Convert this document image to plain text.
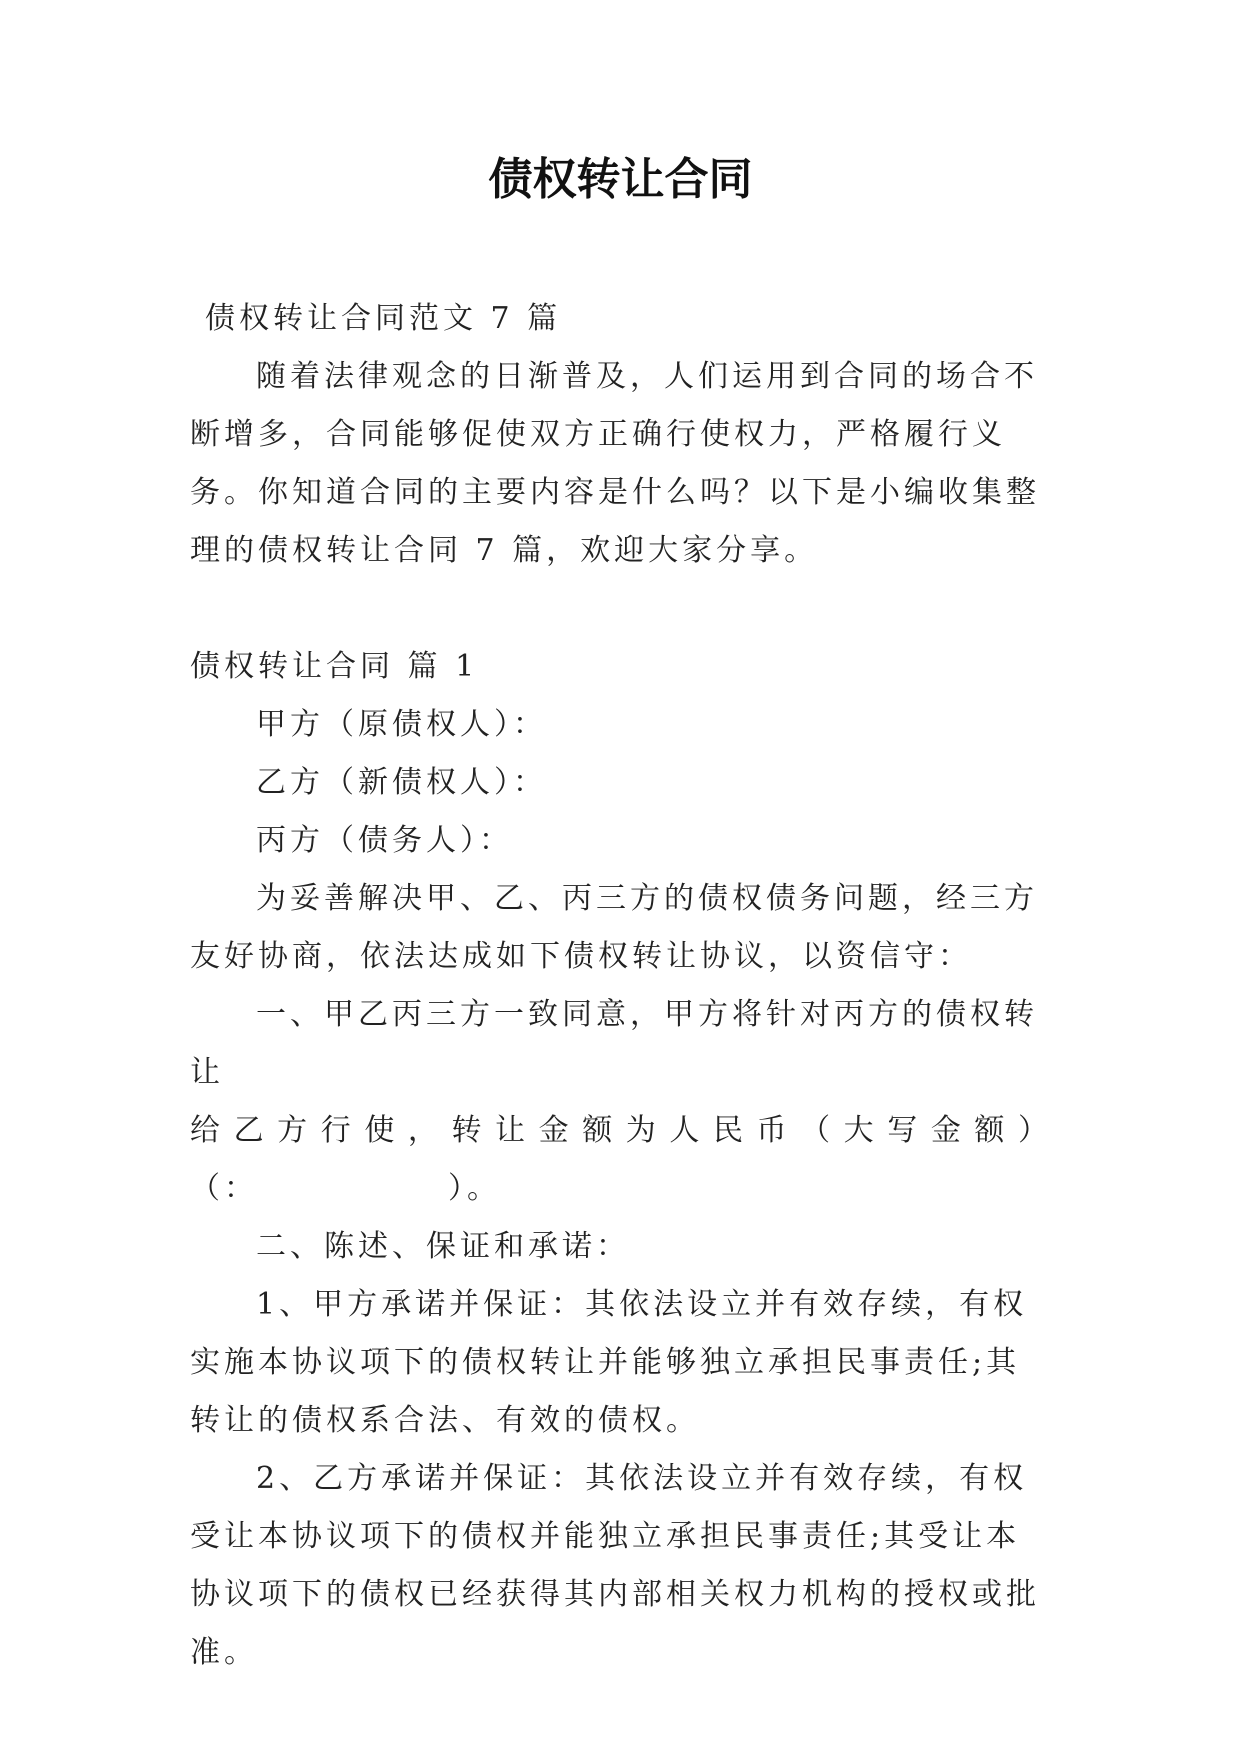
债权转让合同

债权转让合同范文 7 篇

随着法律观念的日渐普及，人们运用到合同的场合不断增多，合同能够促使双方正确行使权力，严格履行义务。你知道合同的主要内容是什么吗？以下是小编收集整理的债权转让合同 7 篇，欢迎大家分享。

债权转让合同 篇 1

甲方（原债权人）：

乙方（新债权人）：

丙方（债务人）：

为妥善解决甲、乙、丙三方的债权债务问题，经三方友好协商，依法达成如下债权转让协议，以资信守：

一、甲乙丙三方一致同意，甲方将针对丙方的债权转让

给乙方行使，转让金额为人民币（大写金额）

（：	）。

二、陈述、保证和承诺：

1、甲方承诺并保证：其依法设立并有效存续，有权实施本协议项下的债权转让并能够独立承担民事责任;其转让的债权系合法、有效的债权。

2、乙方承诺并保证：其依法设立并有效存续，有权受让本协议项下的债权并能独立承担民事责任;其受让本协议项下的债权已经获得其内部相关权力机构的授权或批准。
